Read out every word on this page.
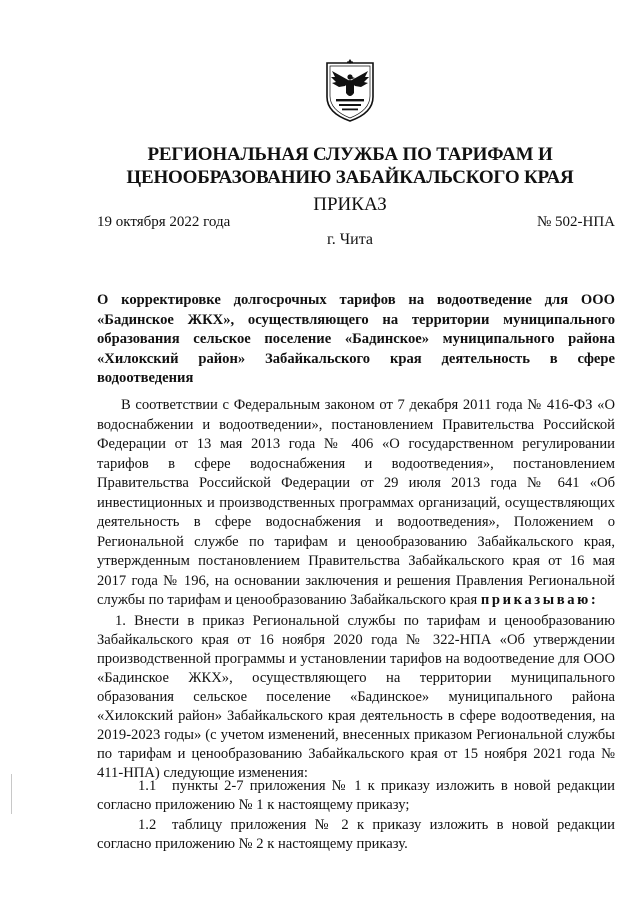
РЕГИОНАЛЬНАЯ СЛУЖБА ПО ТАРИФАМ И
ЦЕНООБРАЗОВАНИЮ ЗАБАЙКАЛЬСКОГО КРАЯ
ПРИКАЗ
19 октября 2022 года	№ 502-НПА
г. Чита
О корректировке долгосрочных тарифов на водоотведение для ООО «Бадинское ЖКХ», осуществляющего на территории муниципального образования сельское поселение «Бадинское» муниципального района «Хилокский район» Забайкальского края деятельность в сфере водоотведения

В соответствии с Федеральным законом от 7 декабря 2011 года № 416-ФЗ «О водоснабжении и водоотведении», постановлением Правительства Российской Федерации от 13 мая 2013 года № 406 «О государственном регулировании тарифов в сфере водоснабжения и водоотведения», постановлением Правительства Российской Федерации от 29 июля 2013 года № 641 «Об инвестиционных и производственных программах организаций, осуществляющих деятельность в сфере водоснабжения и водоотведения», Положением о Региональной службе по тарифам и ценообразованию Забайкальского края, утвержденным постановлением Правительства Забайкальского края от 16 мая 2017 года № 196, на основании заключения и решения Правления Региональной службы по тарифам и ценообразованию Забайкальского края приказываю:

1. Внести в приказ Региональной службы по тарифам и ценообразованию Забайкальского края от 16 ноября 2020 года № 322-НПА «Об утверждении производственной программы и установлении тарифов на водоотведение для ООО «Бадинское ЖКХ», осуществляющего на территории муниципального образования сельское поселение «Бадинское» муниципального района «Хилокский район» Забайкальского края деятельность в сфере водоотведения, на 2019-2023 годы» (с учетом изменений, внесенных приказом Региональной службы по тарифам и ценообразованию Забайкальского края от 15 ноября 2021 года № 411-НПА) следующие изменения:

1.1 пункты 2-7 приложения № 1 к приказу изложить в новой редакции согласно приложению № 1 к настоящему приказу;

1.2 таблицу приложения № 2 к приказу изложить в новой редакции согласно приложению № 2 к настоящему приказу.
